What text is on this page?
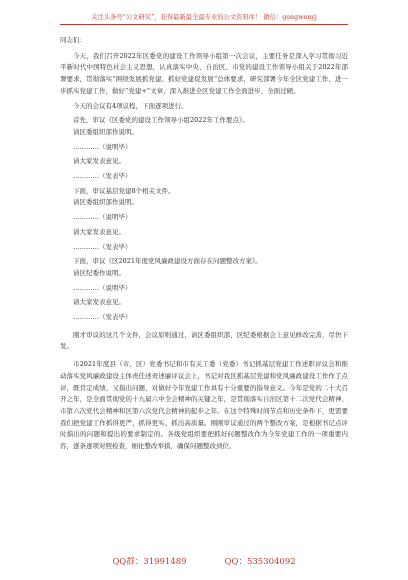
关注头条号“公文研究”，获得最新最全最专业的公文资料库！ 微信：gongwenyj

同志们：

今天，我们召开2022年区委党的建设工作领导小组第一次会议，主要任务是深入学习贯彻习近平新时代中国特色社会主义思想，认真落实中央、自治区、市党的建设工作领导小组关于2022年部署要求，贯彻落实“围绕发展抓党建、抓好党建促发展”总体要求，研究部署今年全区党建工作，进一步抓实党建工作，做好“党建+”文章，深入推进全区党建工作全面进步、全面过硬。

今天的会议有4项议程，下面逐项进行。

首先，审议《区委党的建设工作领导小组2022年工作要点》。

请区委组织部作说明。

…………（说明毕）

请大家发表意见。

…………（发表毕）

下面，审议基层党建8个相关文件。

请区委组织部作说明。

…………（说明毕）

请大家发表意见。

…………（发表毕）

下面，审议《区2021年度党风廉政建设方面存在问题整改方案》。

请区纪委作说明。

…………（说明毕）

请大家发表意见。

…………（发表毕）

刚才审议的这几个文件，会议原则通过，请区委组织部、区纪委根据会上意见修改完善，尽快下发。

市2021年度县（市、区）党委书记和市有关工委（党委）书记抓基层党建工作述职评议会和推动落实党风廉政建设主体责任述责述廉评议会上，书记对我区抓基层党建和党风廉政建设工作作了点评，既肯定成绩，又指出问题，对做好今年党建工作具有十分重要的指导意义。今年是党的二十大召开之年，是全面贯彻党的十九届六中全会精神的关键之年，是贯彻落实自治区第十二次党代会精神、市第六次党代会精神和区第六次党代会精神的起步之年。在这个特殊时间节点和历史条件下，更需要我们把党建工作抓得更严、抓得更实、抓出高质量。刚刚审议通过的两个整改方案，是根据书记点评时指出的问题和提出的要求制定的。各级党组织要把抓好问题整改作为今年党建工作的一项重要内容，逐条逐项对照检查，细化整改举措，确保问题整改到位。

QQ群：31991489	QQ：535304092
